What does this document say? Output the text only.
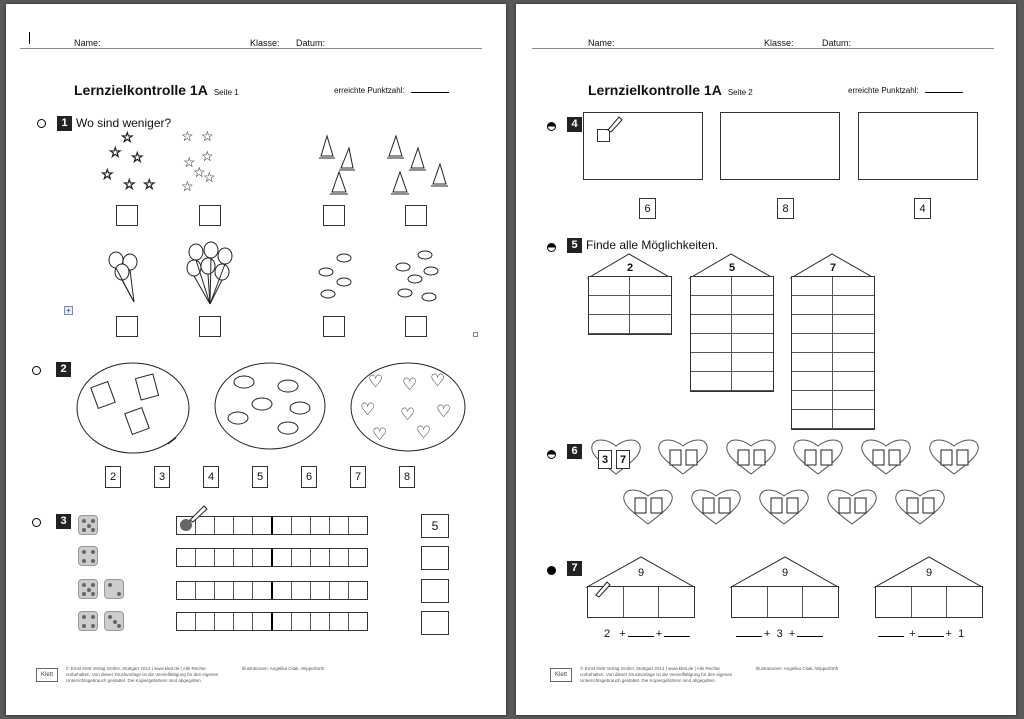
Name:	Klasse: Datum:
Lernzielkontrolle 1A Seite 1	erreichte Punktzahl:
1 Wo sind weniger?
☆
☆ ☆
☆
☆ ☆
☆ ☆
☆
☆
☆
☆
☆
+
2
♡ ♡ ♡
♡ ♡ ♡
♡ ♡
2	3	4	5	6	7	8
3	5
Klett
© Ernst Klett Verlag GmbH, Stuttgart 2013 | www.klett.de | Alle Rechte vorbehalten. Von dieser Druckvorlage ist die Vervielfältigung für den eigenen Unterrichtsgebrauch gestattet. Die Kopiergebühren sind abgegolten.
Illustrationen: Angelika Citak, Wipperfürth
Name:	Klasse:	Datum:
Lernzielkontrolle 1A Seite 2	erreichte Punktzahl:
4
6	8	4
5 Finde alle Möglichkeiten.
2	5	7
6
3	7
7	9	9	9
2 +	+	+ 3 +	+	+ 1
Klett
© Ernst Klett Verlag GmbH, Stuttgart 2013 | www.klett.de | Alle Rechte vorbehalten. Von dieser Druckvorlage ist die Vervielfältigung für den eigenen Unterrichtsgebrauch gestattet. Die Kopiergebühren sind abgegolten.
Illustrationen: Angelika Citak, Wipperfürth
